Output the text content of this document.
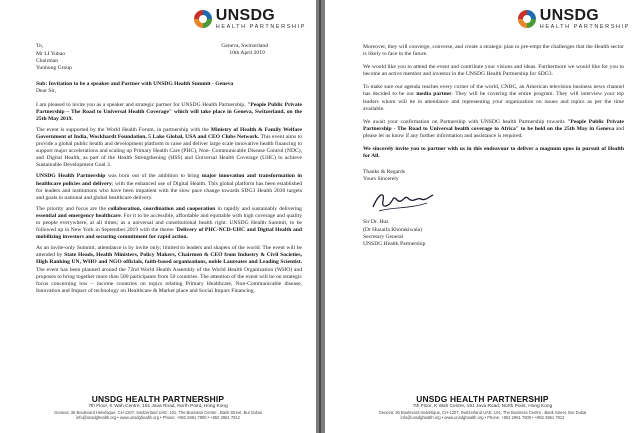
UNSDG
HEALTH PARTNERSHIP
To,	Geneva, Switzerland
10th April 2019
Mr LI Yubao
Chairman
Yunhong Group
Sub: Invitation to be a speaker and Partner with UNSDG Health Summit - Geneva
Dear Sir,

I am pleased to invite you as a speaker and strategic partner for UNSDG Health Partnership, "People Public Private Partnership – The Road to Universal Health Coverage" which will take place in Geneva, Switzerland, on the 25th May 2019.

The event is supported by the World Health Forum, in partnership with the Ministry of Health & Family Welfare Government of India, Wockhardt Foundation, 5 Lake Global, USA and CEO Clubs Network. This event aims to provide a global public health and development platform to raise and deliver large scale innovative health financing to support major accelerations and scaling up Primary Health Care (PHC), Non- Communicable Disease Control (NDC), and Digital Health, as part of the Health Strengthening (HSS) and Universal Health Coverage (UHC) to achieve Sustainable Development Goal 3.

UNSDG Health Partnership was born out of the ambition to bring major innovation and transformation in healthcare policies and delivery; with the enhanced use of Digital Health. This global platform has been established for leaders and institutions who have been impatient with the slow pace change towards SDG3 Health 2030 targets and goals in national and global healthcare delivery.

The priority and focus are the collaboration, coordination and cooperation in rapidly and sustainably delivering essential and emergency healthcare. For it to be accessible, affordable and equitable with high coverage and quality to people everywhere, at all times; as a universal and constitutional health right. UNSDG Health Summit, to be followed up in New York in September 2019 with the theme 'Delivery of PHC-NCD-UHC and Digital Health and mobilizing investors and securing commitment for rapid action.

As an invite-only Summit, attendance is by invite only; limited to leaders and shapers of the world. The event will be attended by State Heads, Health Ministers, Policy Makers, Chairmen & CEO from Industry & Civil Societies, High Ranking UN, WHO and NGO officials, faith-based organizations, noble Laureates and Leading Scientist. The event has been planned around the 72nd World Health Assembly of the World Health Organization (WHO) and proposes to bring together more than 500 participants from 50 countries. The attention of the event will be on strategic focus concerning low – income countries on topics relating Primary Healthcare, Non-Communicable disease, Innovation and Impact of technology on Healthcare & Market place and Social Impact Financing.

UNSDG HEALTH PARTNERSHIP
7th Floor, K Wah Centre, 191 Java Road, North Point, Hong Kong
Geneva: 36 Boulevard Helvétique, CH-1207, Switzerland UAE: 101, The Business Centre , Bank Street, Bur Dubai
info@unsdghealth.org • www.unsdghealth.org • Phone: +852 2961 7900 • +852 2961 7912
UNSDG
HEALTH PARTNERSHIP

Moreover, they will converge, converse, and create a strategic plan to pre-empt the challenges that the Health sector is likely to face in the future.

We would like you to attend the event and contribute your visions and ideas. Furthermore we would like for you to become an active member and investor in the UNSDG Health Partnership for SDG3.

To make sure our agenda reaches every corner of the world, CNBC, an American television business news channel has decided to be our media partner. They will be covering the entire program. They will interview your top leaders whom will be in attendance and representing your organization on issues and topics as per the time available.

We await your confirmation on Partnership with UNSDG health Partnership towards "People Public Private Partnership - The Road to Universal health coverage to Africa" to be held on the 25th May in Geneva and please let us know if any further information and assistance is required.

We sincerely invite you to partner with us in this endeavour to deliver a magnum opus in pursuit of Health for All.

Thanks & Regards
Yours Sincerely
Sir Dr. Huz
(Dr Huzaifa Khorakiwala)
Secretary General
UNSDG Health Partnership
UNSDG HEALTH PARTNERSHIP
7th Floor, K Wah Centre, 191 Java Road, North Point, Hong Kong
Geneva: 36 Boulevard Helvétique, CH-1207, Switzerland UAE: 101, The Business Centre , Bank Street, Bur Dubai
info@unsdghealth.org • www.unsdghealth.org • Phone: +852 2961 7900 • +852 2961 7912
